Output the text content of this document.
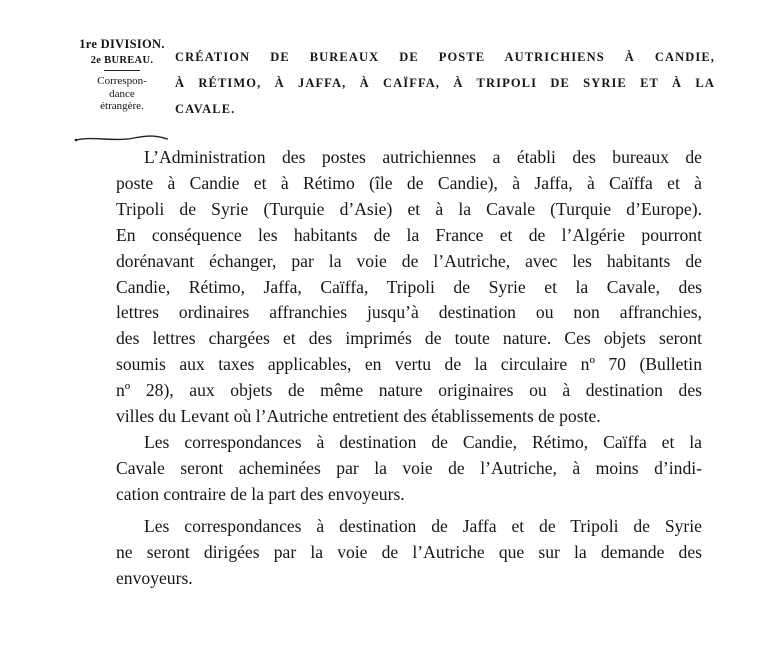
1re DIVISION.
2e BUREAU.
Correspon-
dance
étrangère.
CRÉATION DE BUREAUX DE POSTE AUTRICHIENS À CANDIE,
À RÉTIMO, À JAFFA, À CAÏFFA, À TRIPOLI DE SYRIE ET À LA
CAVALE.
L’Administration des postes autrichiennes a établi des bureaux de
poste à Candie et à Rétimo (île de Candie), à Jaffa, à Caïffa et à
Tripoli de Syrie (Turquie d’Asie) et à la Cavale (Turquie d’Europe).
En conséquence les habitants de la France et de l’Algérie pourront
dorénavant échanger, par la voie de l’Autriche, avec les habitants de
Candie, Rétimo, Jaffa, Caïffa, Tripoli de Syrie et la Cavale, des
lettres ordinaires affranchies jusqu’à destination ou non affranchies,
des lettres chargées et des imprimés de toute nature. Ces objets seront
soumis aux taxes applicables, en vertu de la circulaire nº 70 (Bulletin
nº 28), aux objets de même nature originaires ou à destination des
villes du Levant où l’Autriche entretient des établissements de poste.
Les correspondances à destination de Candie, Rétimo, Caïffa et la
Cavale seront acheminées par la voie de l’Autriche, à moins d’indi-
cation contraire de la part des envoyeurs.
Les correspondances à destination de Jaffa et de Tripoli de Syrie
ne seront dirigées par la voie de l’Autriche que sur la demande des
envoyeurs.
